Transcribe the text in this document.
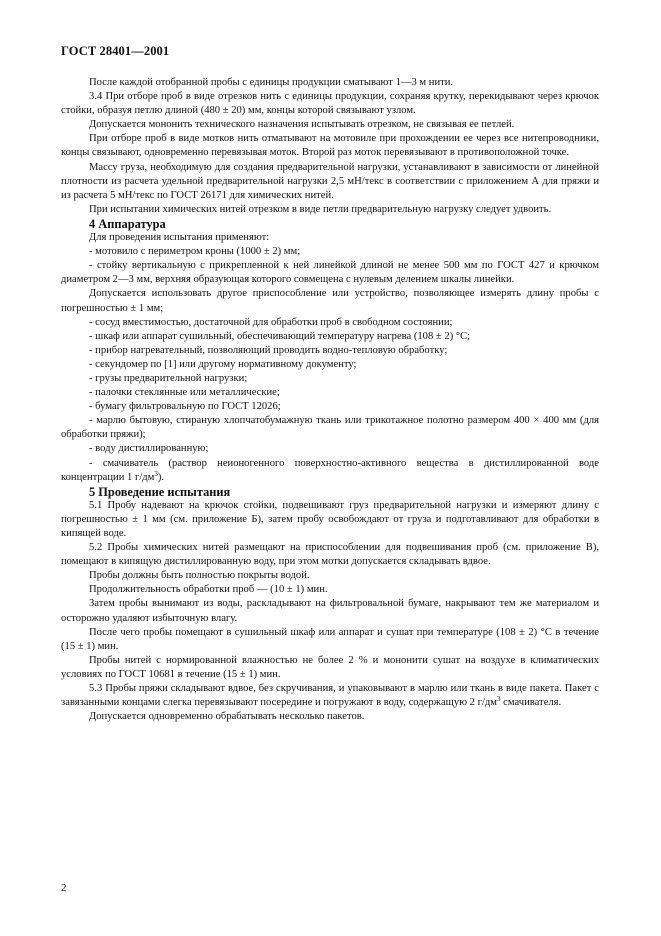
ГОСТ 28401—2001

После каждой отобранной пробы с единицы продукции сматывают 1—3 м нити.

3.4 При отборе проб в виде отрезков нить с единицы продукции, сохраняя крутку, перекидывают через крючок стойки, образуя петлю длиной (480 ± 20) мм, концы которой связывают узлом.

Допускается мононить технического назначения испытывать отрезком, не связывая ее петлей.

При отборе проб в виде мотков нить отматывают на мотовиле при прохождении ее через все нитепроводники, концы связывают, одновременно перевязывая моток. Второй раз моток перевязывают в противоположной точке.

Массу груза, необходимую для создания предварительной нагрузки, устанавливают в зависимости от линейной плотности из расчета удельной предварительной нагрузки 2,5 мН/текс в соответствии с приложением А для пряжи и из расчета 5 мН/текс по ГОСТ 26171 для химических нитей.

При испытании химических нитей отрезком в виде петли предварительную нагрузку следует удвоить.

4 Аппаратура

Для проведения испытания применяют:

- мотовило с периметром кроны (1000 ± 2) мм;

- стойку вертикальную с прикрепленной к ней линейкой длиной не менее 500 мм по ГОСТ 427 и крючком диаметром 2—3 мм, верхняя образующая которого совмещена с нулевым делением шкалы линейки.

Допускается использовать другое приспособление или устройство, позволяющее измерять длину пробы с погрешностью ± 1 мм;

- сосуд вместимостью, достаточной для обработки проб в свободном состоянии;

- шкаф или аппарат сушильный, обеспечивающий температуру нагрева (108 ± 2) °С;

- прибор нагревательный, позволяющий проводить водно-тепловую обработку;

- секундомер по [1] или другому нормативному документу;

- грузы предварительной нагрузки;

- палочки стеклянные или металлические;

- бумагу фильтровальную по ГОСТ 12026;

- марлю бытовую, стираную хлопчатобумажную ткань или трикотажное полотно размером 400 × 400 мм (для обработки пряжи);

- воду дистиллированную;

- смачиватель (раствор неионогенного поверхностно-активного вещества в дистиллированной воде концентрации 1 $г/дм^3$).

5 Проведение испытания

5.1 Пробу надевают на крючок стойки, подвешивают груз предварительной нагрузки и измеряют длину с погрешностью ± 1 мм (см. приложение Б), затем пробу освобождают от груза и подготавливают для обработки в кипящей воде.

5.2 Пробы химических нитей размещают на приспособлении для подвешивания проб (см. приложение В), помещают в кипящую дистиллированную воду, при этом мотки допускается складывать вдвое.

Пробы должны быть полностью покрыты водой.

Продолжительность обработки проб — (10 ± 1) мин.

Затем пробы вынимают из воды, раскладывают на фильтровальной бумаге, накрывают тем же материалом и осторожно удаляют избыточную влагу.

После чего пробы помещают в сушильный шкаф или аппарат и сушат при температуре (108 ± 2) °С в течение (15 ± 1) мин.

Пробы нитей с нормированной влажностью не более 2 % и мононити сушат на воздухе в климатических условиях по ГОСТ 10681 в течение (15 ± 1) мин.

5.3 Пробы пряжи складывают вдвое, без скручивания, и упаковывают в марлю или ткань в виде пакета. Пакет с завязанными концами слегка перевязывают посередине и погружают в воду, содержащую 2 $г/дм^3$ смачивателя.

Допускается одновременно обрабатывать несколько пакетов.

2
